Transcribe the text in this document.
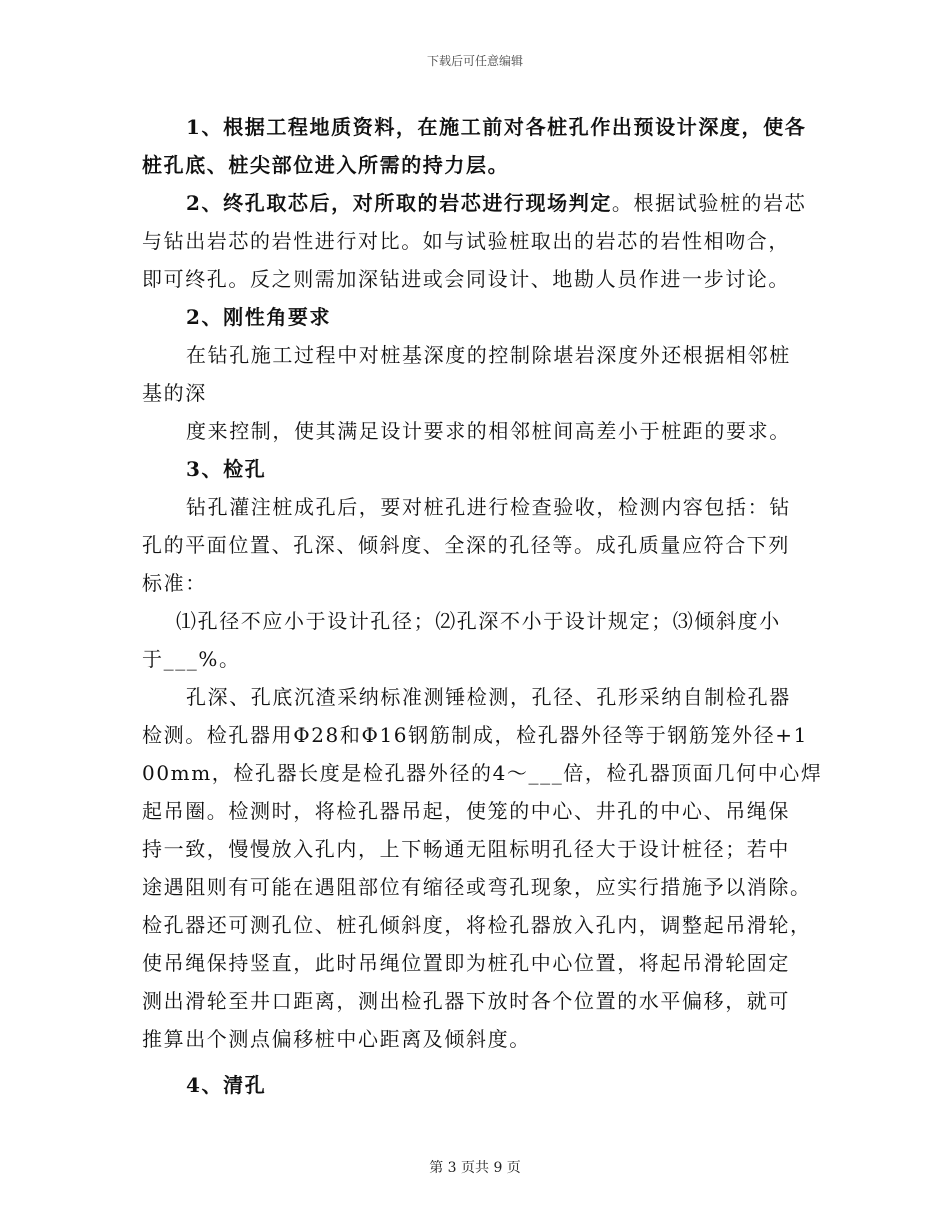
下载后可任意编辑
1、根据工程地质资料，在施工前对各桩孔作出预设计深度，使各
桩孔底、桩尖部位进入所需的持力层。
2、终孔取芯后，对所取的岩芯进行现场判定。根据试验桩的岩芯
与钻出岩芯的岩性进行对比。如与试验桩取出的岩芯的岩性相吻合，
即可终孔。反之则需加深钻进或会同设计、地勘人员作进一步讨论。
2、刚性角要求
在钻孔施工过程中对桩基深度的控制除堪岩深度外还根据相邻桩
基的深
度来控制，使其满足设计要求的相邻桩间高差小于桩距的要求。
3、检孔
钻孔灌注桩成孔后，要对桩孔进行检查验收，检测内容包括：钻
孔的平面位置、孔深、倾斜度、全深的孔径等。成孔质量应符合下列
标准：
⑴孔径不应小于设计孔径；⑵孔深不小于设计规定；⑶倾斜度小
于___%。
孔深、孔底沉渣采纳标准测锤检测，孔径、孔形采纳自制检孔器
检测。检孔器用Φ28和Φ16钢筋制成，检孔器外径等于钢筋笼外径+1
00mm，检孔器长度是检孔器外径的4～___倍，检孔器顶面几何中心焊
起吊圈。检测时，将检孔器吊起，使笼的中心、井孔的中心、吊绳保
持一致，慢慢放入孔内，上下畅通无阻标明孔径大于设计桩径；若中
途遇阻则有可能在遇阻部位有缩径或弯孔现象，应实行措施予以消除。
检孔器还可测孔位、桩孔倾斜度，将检孔器放入孔内，调整起吊滑轮，
使吊绳保持竖直，此时吊绳位置即为桩孔中心位置，将起吊滑轮固定
测出滑轮至井口距离，测出检孔器下放时各个位置的水平偏移，就可
推算出个测点偏移桩中心距离及倾斜度。
4、清孔
第 3 页共 9 页
